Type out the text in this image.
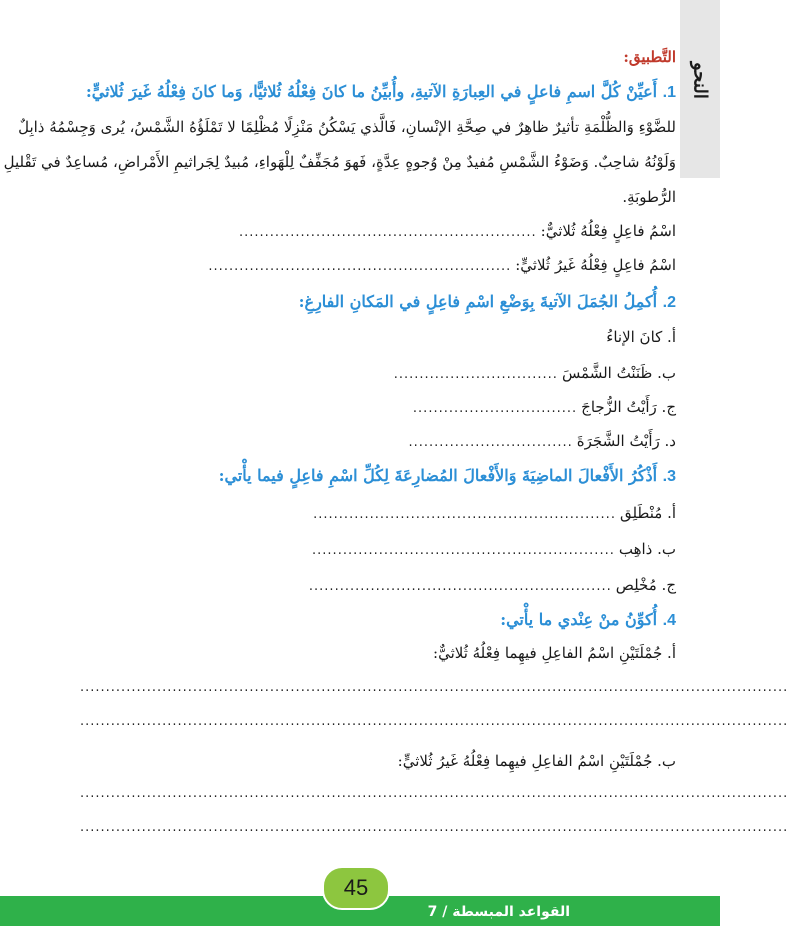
النحو
التَّطبيق:
1. أَعيِّنْ كُلَّ اسمِ فاعلٍ في العِبارَةِ الآتيةِ، وأُبيِّنُ ما كانَ فِعْلُهُ ثُلاثيًّا، وَما كانَ فِعْلُهُ غَيرَ ثُلاثيٍّ:
للضَّوْءِ وَالظُّلْمَةِ تأثيرٌ ظاهِرٌ في صِحَّةِ الإنْسانِ، فَالَّذي يَسْكُنُ مَنْزِلًا مُظْلِمًا لا تَمْلَؤُهُ الشَّمْسُ، يُرى وَجِسْمُهُ ذابِلٌ
وَلَوْنُهُ شاحِبٌ. وَضَوْءُ الشَّمْسِ مُفيدٌ مِنْ وُجوهٍ عِدَّةٍ، فَهوَ مُجَفِّفٌ لِلْهَواءِ، مُبيدٌ لِجَراثيمِ الأَمْراضِ، مُساعِدٌ في تَقْليلِ
الرُّطوبَةِ.
اسْمُ فاعِلٍ فِعْلُهُ ثُلاثيٌّ:
..........................................................
اسْمُ فاعِلٍ فِعْلُهُ غَيرُ ثُلاثيٍّ:
...........................................................
2. أُكمِلُ الجُمَلَ الآتيةَ بِوَضْعِ اسْمِ فاعِلٍ في المَكانِ الفارِغِ:
أ. كانَ الإناءُ
ب. ظَنَنْتُ الشَّمْسَ
................................
ج. رَأَيْتُ الزُّجاجَ
................................
د. رَأَيْتُ الشَّجَرَةَ
................................
3. أَذْكُرُ الأَفْعالَ الماضِيَةَ وَالأَفْعالَ المُضارِعَةَ لِكُلِّ اسْمِ فاعِلٍ فيما يأْتي:
أ. مُنْطَلِق
...........................................................
ب. ذاهِب
...........................................................
ج. مُخْلِص
...........................................................
4. أُكوِّنُ منْ عِنْدي ما يأْتي:
أ. جُمْلَتَيْنِ اسْمُ الفاعِلِ فيهِما فِعْلُهُ ثُلاثيٌّ:
..........................................................................................................................................
..........................................................................................................................................
ب. جُمْلَتَيْنِ اسْمُ الفاعِلِ فيهِما فِعْلُهُ غَيرُ ثُلاثيٍّ:
..........................................................................................................................................
..........................................................................................................................................
القواعد المبسطة / 7
45
